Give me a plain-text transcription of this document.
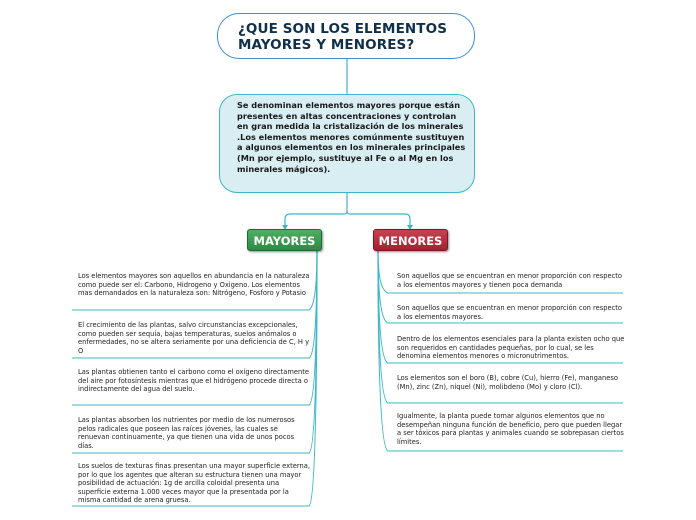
¿QUE SON LOS ELEMENTOS MAYORES Y MENORES?
Se denominan elementos mayores porque están presentes en altas concentraciones y controlan en gran medida la cristalización de los minerales .Los elementos menores comúnmente sustituyen a algunos elementos en los minerales principales (Mn por ejemplo, sustituye al Fe o al Mg en los minerales mágicos).
MAYORES	MENORES
Los elementos mayores son aquellos en abundancia en la naturaleza como puede ser el: Carbono, Hidrogeno y Oxigeno. Los elementos mas demandados en la naturaleza son: Nitrógeno, Fosforo y Potasio
El crecimiento de las plantas, salvo circunstancias excepcionales, como pueden ser sequía, bajas temperaturas, suelos anómalos o enfermedades, no se altera seriamente por una deficiencia de C, H y O
Las plantas obtienen tanto el carbono como el oxígeno directamente del aire por fotosíntesis mientras que el hidrógeno procede directa o indirectamente del agua del suelo.
Las plantas absorben los nutrientes por medio de los numerosos pelos radicales que poseen las raíces jóvenes, las cuales se renuevan continuamente, ya que tienen una vida de unos pocos días.
Los suelos de texturas finas presentan una mayor superficie externa, por lo que los agentes que alteran su estructura tienen una mayor posibilidad de actuación: 1g de arcilla coloidal presenta una superficie externa 1.000 veces mayor que la presentada por la misma cantidad de arena gruesa.
Son aquellos que se encuentran en menor proporción con respecto a los elementos mayores y tienen poca demanda
Son aquellos que se encuentran en menor proporción con respecto a los elementos mayores.
Dentro de los elementos esenciales para la planta existen ocho que son requeridos en cantidades pequeñas, por lo cual, se les denomina elementos menores o micronutrimentos.
Los elementos son el boro (B), cobre (Cu), hierro (Fe), manganeso (Mn), zinc (Zn), niquel (Ni), molibdeno (Mo) y cloro (Cl).
Igualmente, la planta puede tomar algunos elementos que no desempeñan ninguna función de beneficio, pero que pueden llegar a ser tóxicos para plantas y animales cuando se sobrepasan ciertos límites.
